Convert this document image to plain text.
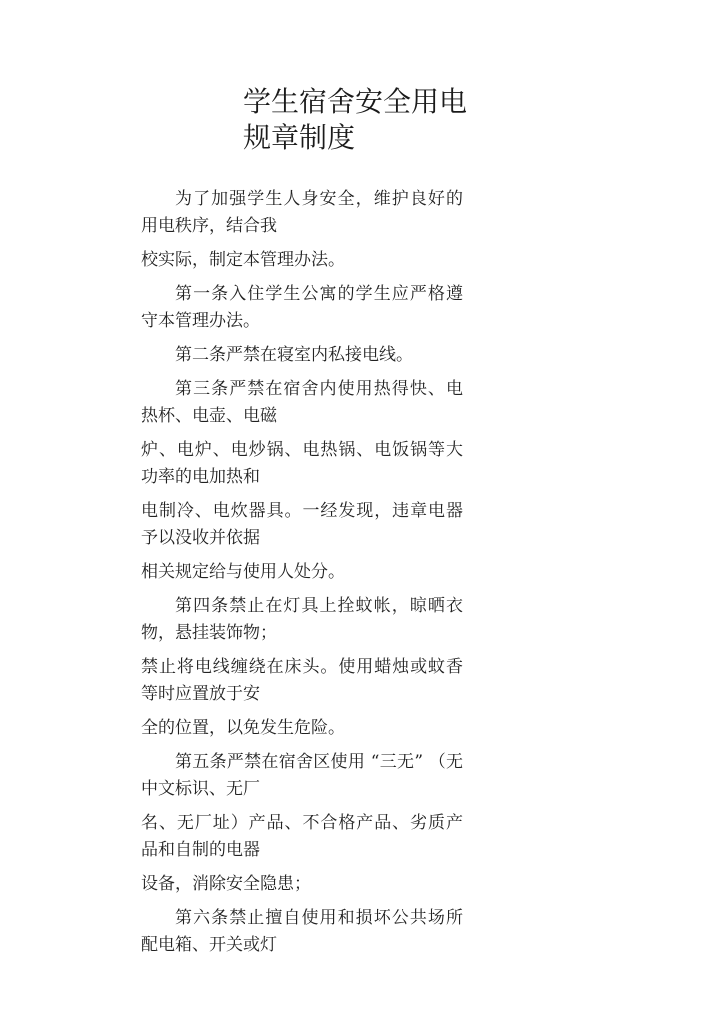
学生宿舍安全用电
规章制度

为了加强学生人身安全，维护良好的用电秩序，结合我

校实际，制定本管理办法。

第一条入住学生公寓的学生应严格遵守本管理办法。

第二条严禁在寝室内私接电线。

第三条严禁在宿舍内使用热得快、电热杯、电壶、电磁

炉、电炉、电炒锅、电热锅、电饭锅等大功率的电加热和

电制冷、电炊器具。一经发现，违章电器予以没收并依据

相关规定给与使用人处分。

第四条禁止在灯具上拴蚊帐，晾晒衣物，悬挂装饰物；

禁止将电线缠绕在床头。使用蜡烛或蚊香等时应置放于安

全的位置，以免发生危险。

第五条严禁在宿舍区使用 “三无” （无中文标识、无厂

名、无厂址）产品、不合格产品、劣质产品和自制的电器

设备，消除安全隐患；

第六条禁止擅自使用和损坏公共场所配电箱、开关或灯
